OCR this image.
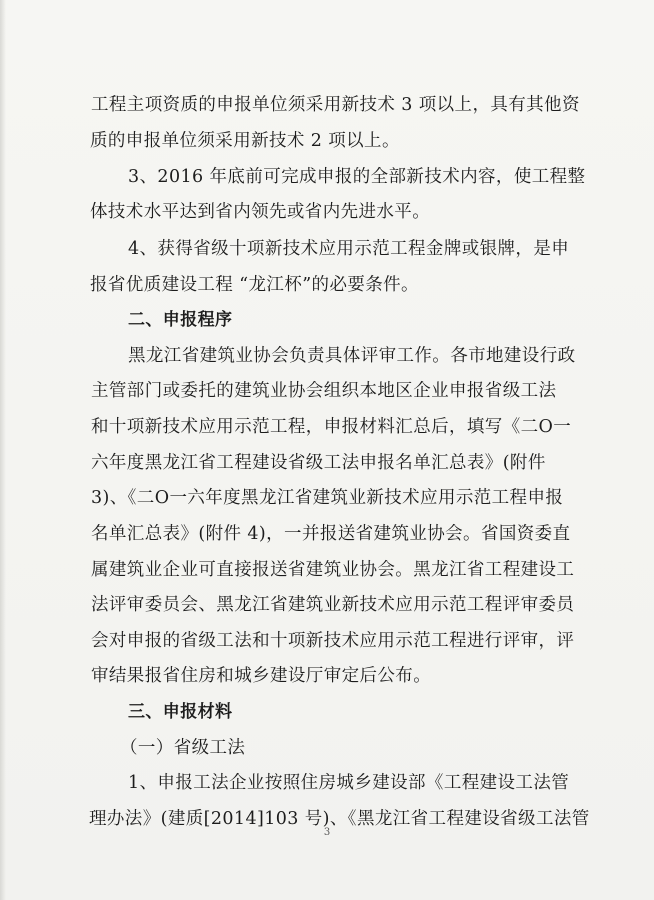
工程主项资质的申报单位须采用新技术 3 项以上，具有其他资
质的申报单位须采用新技术 2 项以上。
3、2016 年底前可完成申报的全部新技术内容，使工程整
体技术水平达到省内领先或省内先进水平。
4、获得省级十项新技术应用示范工程金牌或银牌，是申
报省优质建设工程 “龙江杯”的必要条件。
二、申报程序
黑龙江省建筑业协会负责具体评审工作。各市地建设行政
主管部门或委托的建筑业协会组织本地区企业申报省级工法
和十项新技术应用示范工程，申报材料汇总后，填写《二O一
六年度黑龙江省工程建设省级工法申报名单汇总表》(附件
3)、《二O一六年度黑龙江省建筑业新技术应用示范工程申报
名单汇总表》(附件 4)，一并报送省建筑业协会。省国资委直
属建筑业企业可直接报送省建筑业协会。黑龙江省工程建设工
法评审委员会、黑龙江省建筑业新技术应用示范工程评审委员
会对申报的省级工法和十项新技术应用示范工程进行评审，评
审结果报省住房和城乡建设厅审定后公布。
三、申报材料
（一）省级工法
1、申报工法企业按照住房城乡建设部《工程建设工法管
理办法》(建质[2014]103 号)、《黑龙江省工程建设省级工法管
3
